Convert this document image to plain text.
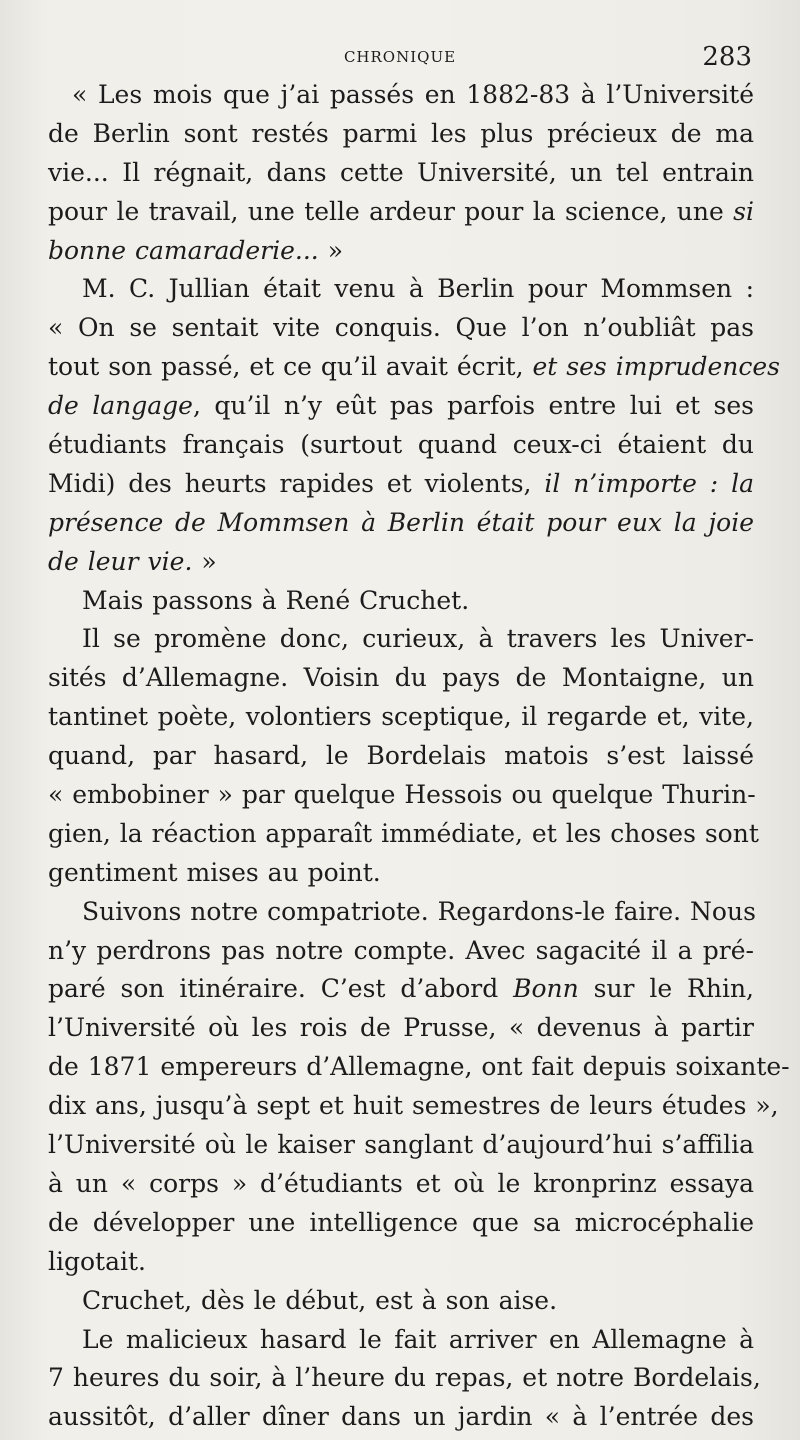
CHRONIQUE	283
« Les mois que j’ai passés en 1882-83 à l’Université
de Berlin sont restés parmi les plus précieux de ma
vie... Il régnait, dans cette Université, un tel entrain
pour le travail, une telle ardeur pour la science, une si
bonne camaraderie... »
M. C. Jullian était venu à Berlin pour Mommsen :
« On se sentait vite conquis. Que l’on n’oubliât pas
tout son passé, et ce qu’il avait écrit, et ses imprudences
de langage, qu’il n’y eût pas parfois entre lui et ses
étudiants français (surtout quand ceux-ci étaient du
Midi) des heurts rapides et violents, il n’importe : la
présence de Mommsen à Berlin était pour eux la joie
de leur vie. »
Mais passons à René Cruchet.
Il se promène donc, curieux, à travers les Univer-
sités d’Allemagne. Voisin du pays de Montaigne, un
tantinet poète, volontiers sceptique, il regarde et, vite,
quand, par hasard, le Bordelais matois s’est laissé
« embobiner » par quelque Hessois ou quelque Thurin-
gien, la réaction apparaît immédiate, et les choses sont
gentiment mises au point.
Suivons notre compatriote. Regardons-le faire. Nous
n’y perdrons pas notre compte. Avec sagacité il a pré-
paré son itinéraire. C’est d’abord Bonn sur le Rhin,
l’Université où les rois de Prusse, « devenus à partir
de 1871 empereurs d’Allemagne, ont fait depuis soixante-
dix ans, jusqu’à sept et huit semestres de leurs études »,
l’Université où le kaiser sanglant d’aujourd’hui s’affilia
à un « corps » d’étudiants et où le kronprinz essaya
de développer une intelligence que sa microcéphalie
ligotait.
Cruchet, dès le début, est à son aise.
Le malicieux hasard le fait arriver en Allemagne à
7 heures du soir, à l’heure du repas, et notre Bordelais,
aussitôt, d’aller dîner dans un jardin « à l’entrée des
